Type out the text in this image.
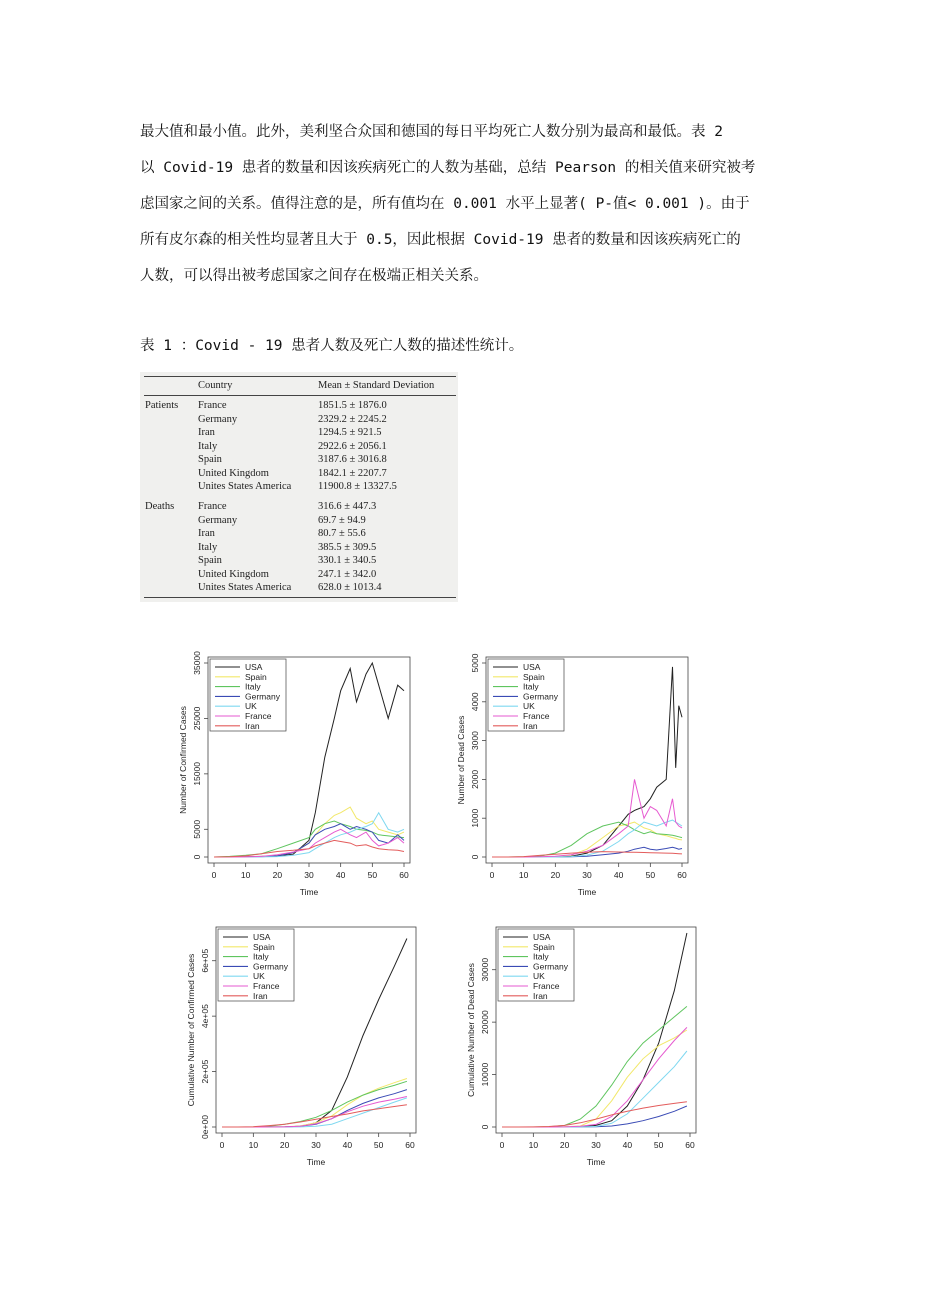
最大值和最小值。此外，美利坚合众国和德国的每日平均死亡人数分别为最高和最低。表 2

以 Covid-19 患者的数量和因该疾病死亡的人数为基础，总结 Pearson 的相关值来研究被考

虑国家之间的关系。值得注意的是，所有值均在 0.001 水平上显著( P-值< 0.001 )。由于

所有皮尔森的相关性均显著且大于 0.5，因此根据 Covid-19 患者的数量和因该疾病死亡的

人数，可以得出被考虑国家之间存在极端正相关关系。

表 1 ：Covid - 19 患者人数及死亡人数的描述性统计。
Country	Mean ± Standard Deviation
Patients France	1851.5 ± 1876.0
Germany	2329.2 ± 2245.2
Iran	1294.5 ± 921.5
Italy	2922.6 ± 2056.1
Spain	3187.6 ± 3016.8
United Kingdom	1842.1 ± 2207.7
Unites States America	11900.8 ± 13327.5
Deaths France	316.6 ± 447.3
Germany	69.7 ± 94.9
Iran	80.7 ± 55.6
Italy	385.5 ± 309.5
Spain	330.1 ± 340.5
United Kingdom	247.1 ± 342.0
Unites States America	628.0 ± 1013.4
0	10	20	30	40	50	60
0
5000
15000
25000
35000
Time
Number of Confirmed Cases
USA
Spain
Italy
Germany
UK
France
Iran
0	10	20	30	40	50	60
0
1000
2000
3000
4000
5000
Time
Number of Dead Cases
USA
Spain
Italy
Germany
UK
France
Iran
0	10	20	30	40	50	60
0e+00
2e+05
4e+05
6e+05
Time
Cumulative Number of Confirmed Cases
USA
Spain
Italy
Germany
UK
France
Iran
0	10	20	30	40	50	60
0
10000
20000
30000
Time
Cumulative Number of Dead Cases
USA
Spain
Italy
Germany
UK
France
Iran
